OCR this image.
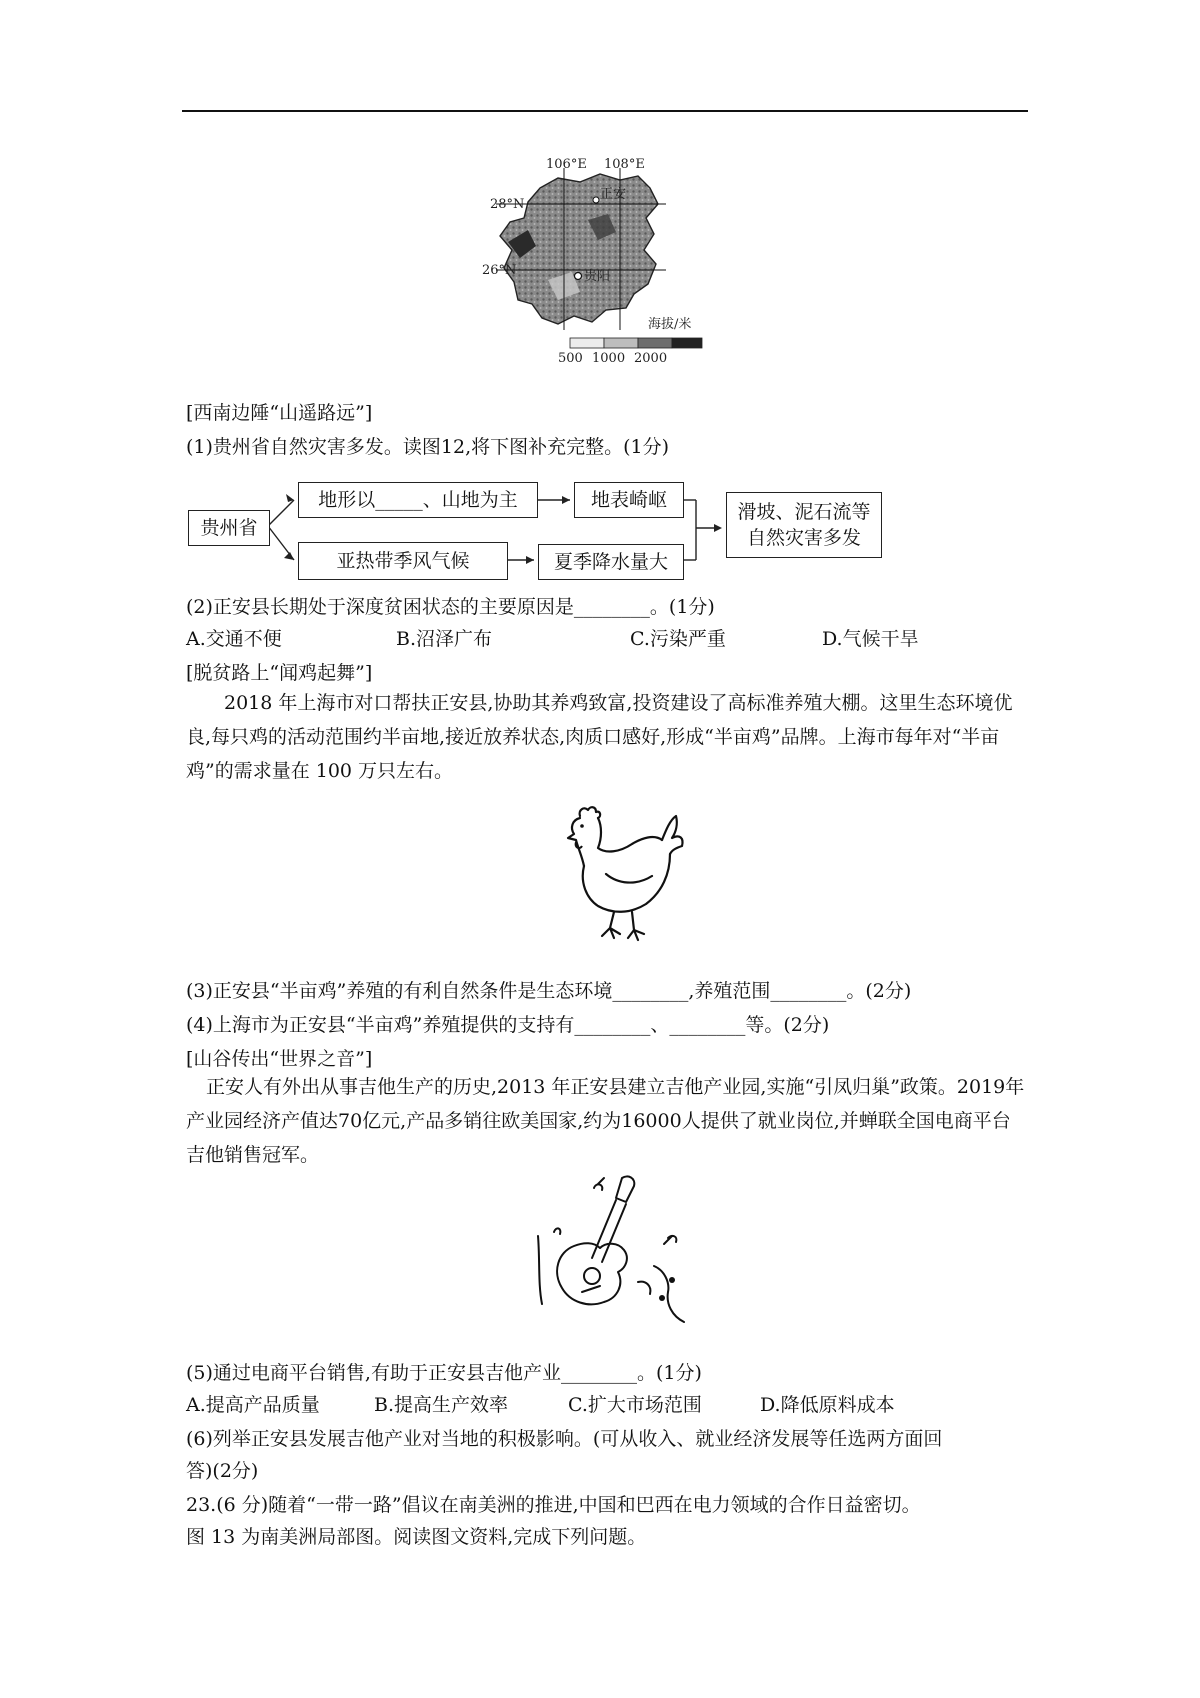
106°E 108°E
28°N
26°N
正安
贵阳
海拔/米
500 1000 2000
[西南边陲“山遥路远”]
(1)贵州省自然灾害多发。读图12,将下图补充完整。(1分)
贵州省
地形以_____、山地为主	地表崎岖
亚热带季风气候	夏季降水量大
滑坡、泥石流等
自然灾害多发
(2)正安县长期处于深度贫困状态的主要原因是________。(1分)
A.交通不便	B.沼泽广布	C.污染严重	D.气候干旱
[脱贫路上“闻鸡起舞”]
2018 年上海市对口帮扶正安县,协助其养鸡致富,投资建设了高标准养殖大棚。这里生态环境优良,每只鸡的活动范围约半亩地,接近放养状态,肉质口感好,形成“半亩鸡”品牌。上海市每年对“半亩鸡”的需求量在 100 万只左右。
(3)正安县“半亩鸡”养殖的有利自然条件是生态环境________,养殖范围________。(2分)
(4)上海市为正安县“半亩鸡”养殖提供的支持有________、________等。(2分)
[山谷传出“世界之音”]
正安人有外出从事吉他生产的历史,2013 年正安县建立吉他产业园,实施“引凤归巢”政策。2019年产业园经济产值达70亿元,产品多销往欧美国家,约为16000人提供了就业岗位,并蝉联全国电商平台吉他销售冠军。
(5)通过电商平台销售,有助于正安县吉他产业________。(1分)
A.提高产品质量	B.提高生产效率	C.扩大市场范围	D.降低原料成本
(6)列举正安县发展吉他产业对当地的积极影响。(可从收入、就业经济发展等任选两方面回
答)(2分)
23.(6 分)随着“一带一路”倡议在南美洲的推进,中国和巴西在电力领域的合作日益密切。
图 13 为南美洲局部图。阅读图文资料,完成下列问题。
